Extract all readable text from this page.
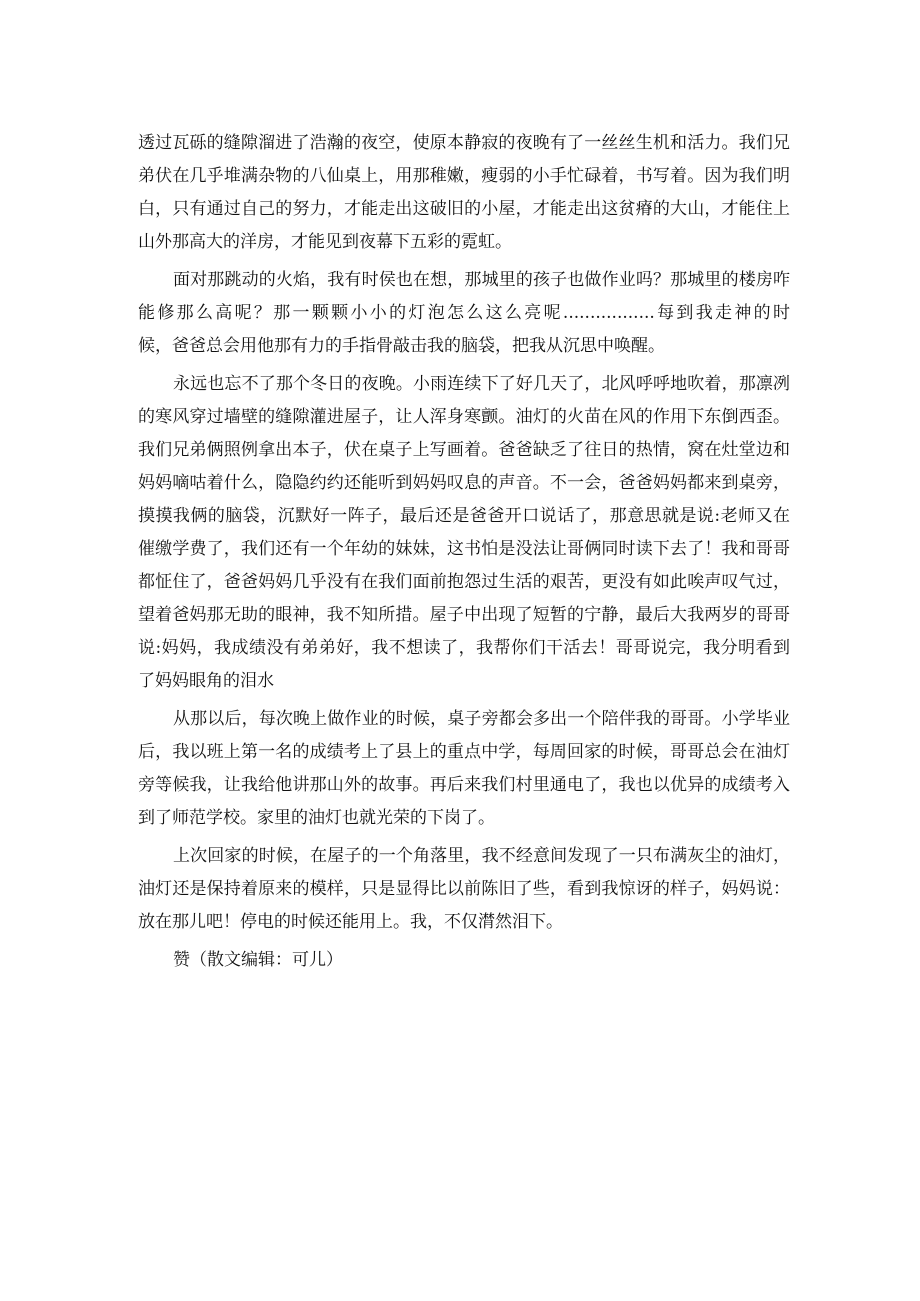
透过瓦砾的缝隙溜进了浩瀚的夜空，使原本静寂的夜晚有了一丝丝生机和活力。我们兄
弟伏在几乎堆满杂物的八仙桌上，用那稚嫩，瘦弱的小手忙碌着，书写着。因为我们明
白，只有通过自己的努力，才能走出这破旧的小屋，才能走出这贫瘠的大山，才能住上
山外那高大的洋房，才能见到夜幕下五彩的霓虹。
面对那跳动的火焰，我有时侯也在想，那城里的孩子也做作业吗？那城里的楼房咋
能修那么高呢？那一颗颗小小的灯泡怎么这么亮呢.................每到我走神的时
候，爸爸总会用他那有力的手指骨敲击我的脑袋，把我从沉思中唤醒。
永远也忘不了那个冬日的夜晚。小雨连续下了好几天了，北风呼呼地吹着，那凛冽
的寒风穿过墙壁的缝隙灌进屋子，让人浑身寒颤。油灯的火苗在风的作用下东倒西歪。
我们兄弟俩照例拿出本子，伏在桌子上写画着。爸爸缺乏了往日的热情，窝在灶堂边和
妈妈嘀咕着什么，隐隐约约还能听到妈妈叹息的声音。不一会，爸爸妈妈都来到桌旁，
摸摸我俩的脑袋，沉默好一阵子，最后还是爸爸开口说话了，那意思就是说:老师又在
催缴学费了，我们还有一个年幼的妹妹，这书怕是没法让哥俩同时读下去了！我和哥哥
都怔住了，爸爸妈妈几乎没有在我们面前抱怨过生活的艰苦，更没有如此唉声叹气过，
望着爸妈那无助的眼神，我不知所措。屋子中出现了短暂的宁静，最后大我两岁的哥哥
说:妈妈，我成绩没有弟弟好，我不想读了，我帮你们干活去！哥哥说完，我分明看到
了妈妈眼角的泪水
从那以后，每次晚上做作业的时候，桌子旁都会多出一个陪伴我的哥哥。小学毕业
后，我以班上第一名的成绩考上了县上的重点中学，每周回家的时候，哥哥总会在油灯
旁等候我，让我给他讲那山外的故事。再后来我们村里通电了，我也以优异的成绩考入
到了师范学校。家里的油灯也就光荣的下岗了。
上次回家的时候，在屋子的一个角落里，我不经意间发现了一只布满灰尘的油灯，
油灯还是保持着原来的模样，只是显得比以前陈旧了些，看到我惊讶的样子，妈妈说：
放在那儿吧！停电的时候还能用上。我，不仅潸然泪下。
赞（散文编辑：可儿）
